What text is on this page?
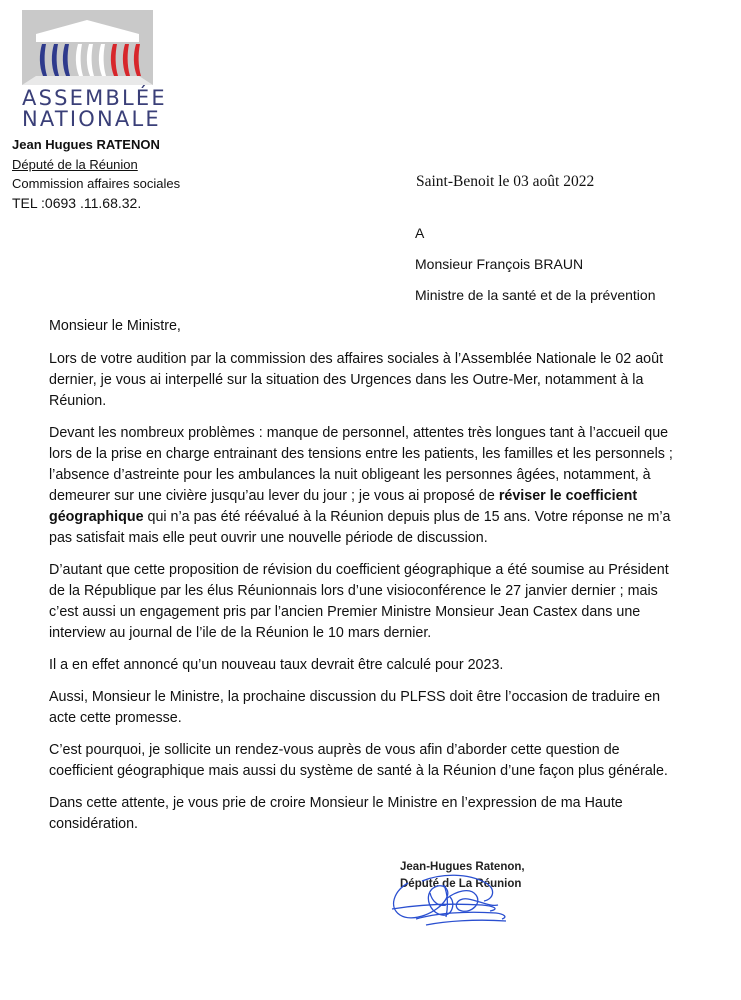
ASSEMBLÉE
NATIONALE
Jean Hugues RATENON
Député de la Réunion
Commission affaires sociales
TEL :0693 .11.68.32.
Saint-Benoit le 03 août 2022
A
Monsieur François BRAUN
Ministre de la santé et de la prévention

Monsieur le Ministre,

Lors de votre audition par la commission des affaires sociales à l’Assemblée Nationale le 02 août
dernier, je vous ai interpellé sur la situation des Urgences dans les Outre-Mer, notamment à la
Réunion.

Devant les nombreux problèmes : manque de personnel, attentes très longues tant à l’accueil que
lors de la prise en charge entrainant des tensions entre les patients, les familles et les personnels ;
l’absence d’astreinte pour les ambulances la nuit obligeant les personnes âgées, notamment, à
demeurer sur une civière jusqu’au lever du jour ; je vous ai proposé de réviser le coefficient
géographique qui n’a pas été réévalué à la Réunion depuis plus de 15 ans. Votre réponse ne m’a
pas satisfait mais elle peut ouvrir une nouvelle période de discussion.

D’autant que cette proposition de révision du coefficient géographique a été soumise au Président
de la République par les élus Réunionnais lors d’une visioconférence le 27 janvier dernier ; mais
c’est aussi un engagement pris par l’ancien Premier Ministre Monsieur Jean Castex dans une
interview au journal de l’ile de la Réunion le 10 mars dernier.

Il a en effet annoncé qu’un nouveau taux devrait être calculé pour 2023.

Aussi, Monsieur le Ministre, la prochaine discussion du PLFSS doit être l’occasion de traduire en
acte cette promesse.

C’est pourquoi, je sollicite un rendez-vous auprès de vous afin d’aborder cette question de
coefficient géographique mais aussi du système de santé à la Réunion d’une façon plus générale.

Dans cette attente, je vous prie de croire Monsieur le Ministre en l’expression de ma Haute
considération.

Jean-Hugues Ratenon,
Député de La Réunion
